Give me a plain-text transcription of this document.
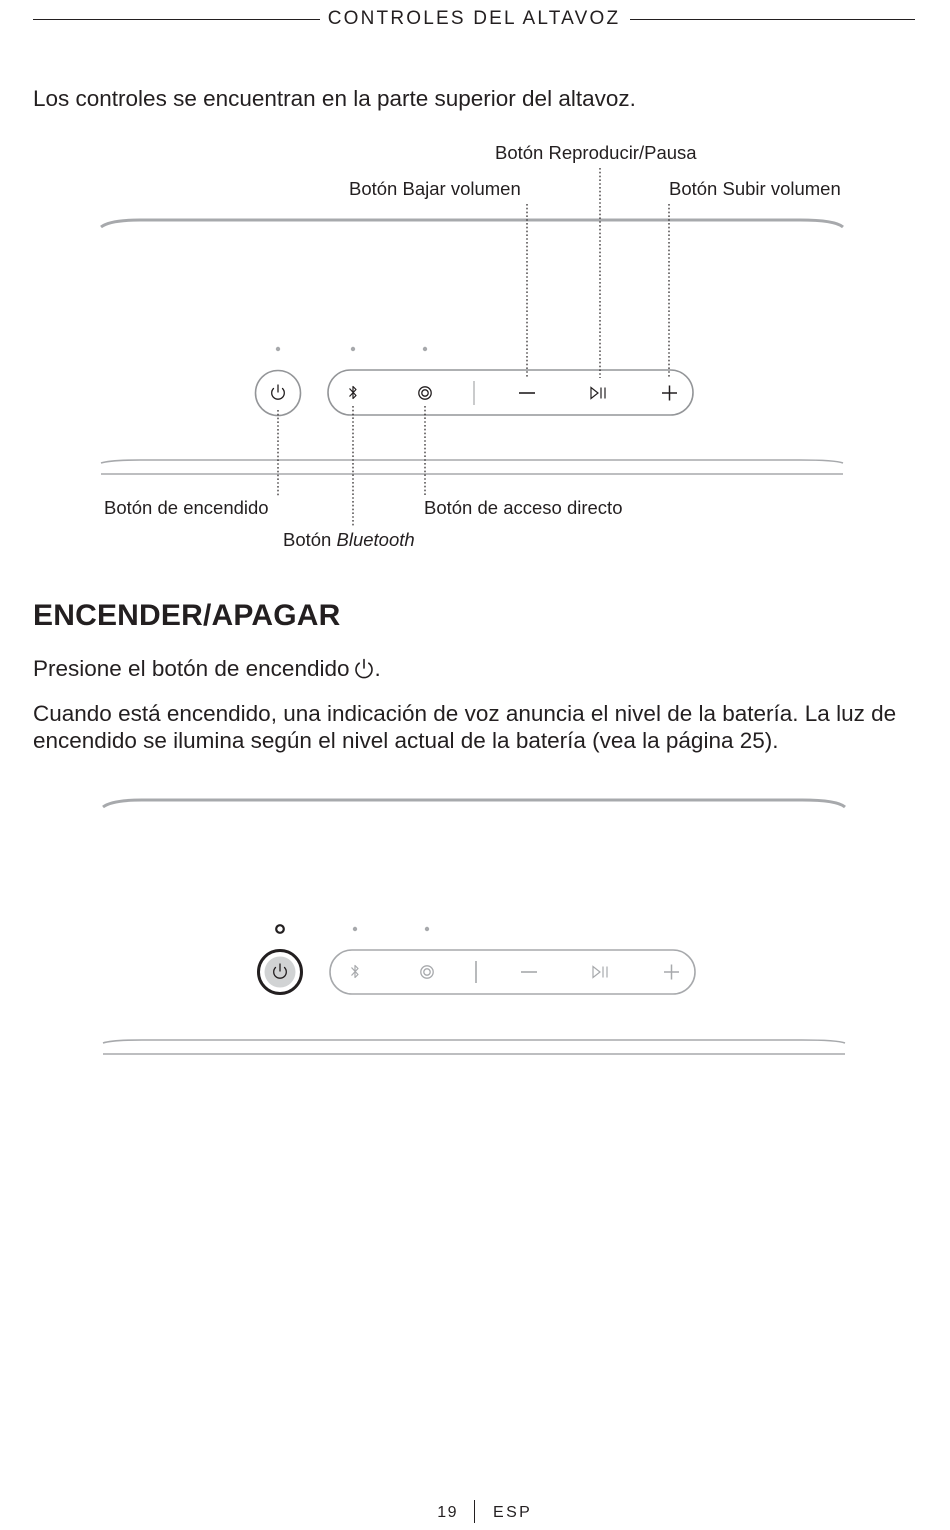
CONTROLES DEL ALTAVOZ

Los controles se encuentran en la parte superior del altavoz.

Botón Reproducir/Pausa
Botón Bajar volumen	Botón Subir volumen
Botón de encendido	Botón de acceso directo
Botón Bluetooth
ENCENDER/APAGAR

Presione el botón de encendido .

Cuando está encendido, una indicación de voz anuncia el nivel de la batería. La luz de encendido se ilumina según el nivel actual de la batería (vea la página 25).

19 ESP
